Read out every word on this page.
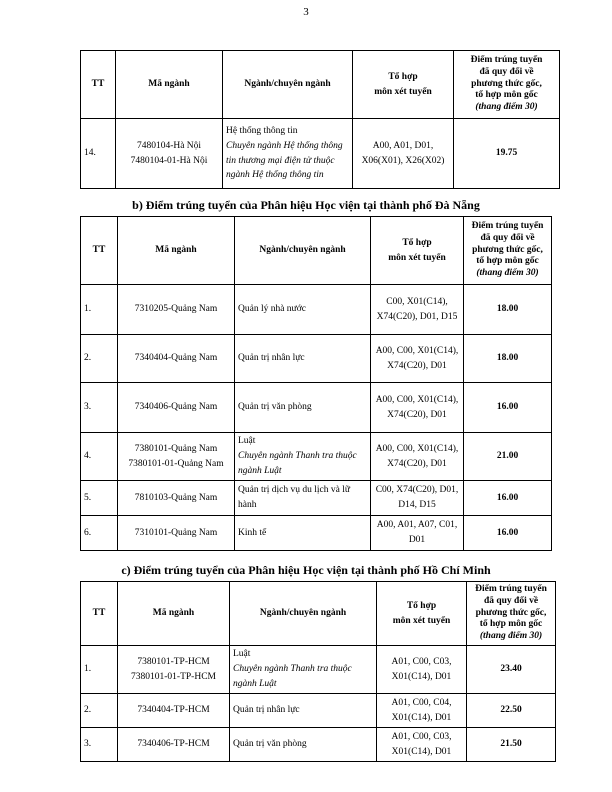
3
TT	Mã ngành	Ngành/chuyên ngành	Tổ hợp
môn xét tuyển	Điểm trúng tuyển
đã quy đổi về
phương thức gốc,
tổ hợp môn gốc
(thang điểm 30)

14.	7480104-Hà Nội
7480104-01-Hà Nội	Hệ thống thông tin
Chuyên ngành Hệ thống thông tin thương mại điện tử thuộc ngành Hệ thống thông tin	A00, A01, D01, X06(X01), X26(X02)	19.75
b) Điểm trúng tuyển của Phân hiệu Học viện tại thành phố Đà Nẵng
TT	Mã ngành	Ngành/chuyên ngành	Tổ hợp
môn xét tuyển	Điểm trúng tuyển
đã quy đổi về
phương thức gốc,
tổ hợp môn gốc
(thang điểm 30)

1.	7310205-Quảng Nam	Quản lý nhà nước	C00, X01(C14), X74(C20), D01, D15	18.00
2.	7340404-Quảng Nam	Quản trị nhân lực	A00, C00, X01(C14), X74(C20), D01	18.00
3.	7340406-Quảng Nam	Quản trị văn phòng	A00, C00, X01(C14), X74(C20), D01	16.00
4.	7380101-Quảng Nam
7380101-01-Quảng Nam	Luật
Chuyên ngành Thanh tra thuộc ngành Luật	A00, C00, X01(C14), X74(C20), D01	21.00
5.	7810103-Quảng Nam	Quản trị dịch vụ du lịch và lữ hành	C00, X74(C20), D01, D14, D15	16.00
6.	7310101-Quảng Nam	Kinh tế	A00, A01, A07, C01, D01	16.00
c) Điểm trúng tuyển của Phân hiệu Học viện tại thành phố Hồ Chí Minh
TT	Mã ngành	Ngành/chuyên ngành	Tổ hợp
môn xét tuyển	Điểm trúng tuyển
đã quy đổi về
phương thức gốc,
tổ hợp môn gốc
(thang điểm 30)

1.	7380101-TP-HCM
7380101-01-TP-HCM	Luật
Chuyên ngành Thanh tra thuộc ngành Luật	A01, C00, C03, X01(C14), D01	23.40
2.	7340404-TP-HCM	Quản trị nhân lực	A01, C00, C04, X01(C14), D01	22.50
3.	7340406-TP-HCM	Quản trị văn phòng	A01, C00, C03, X01(C14), D01	21.50
